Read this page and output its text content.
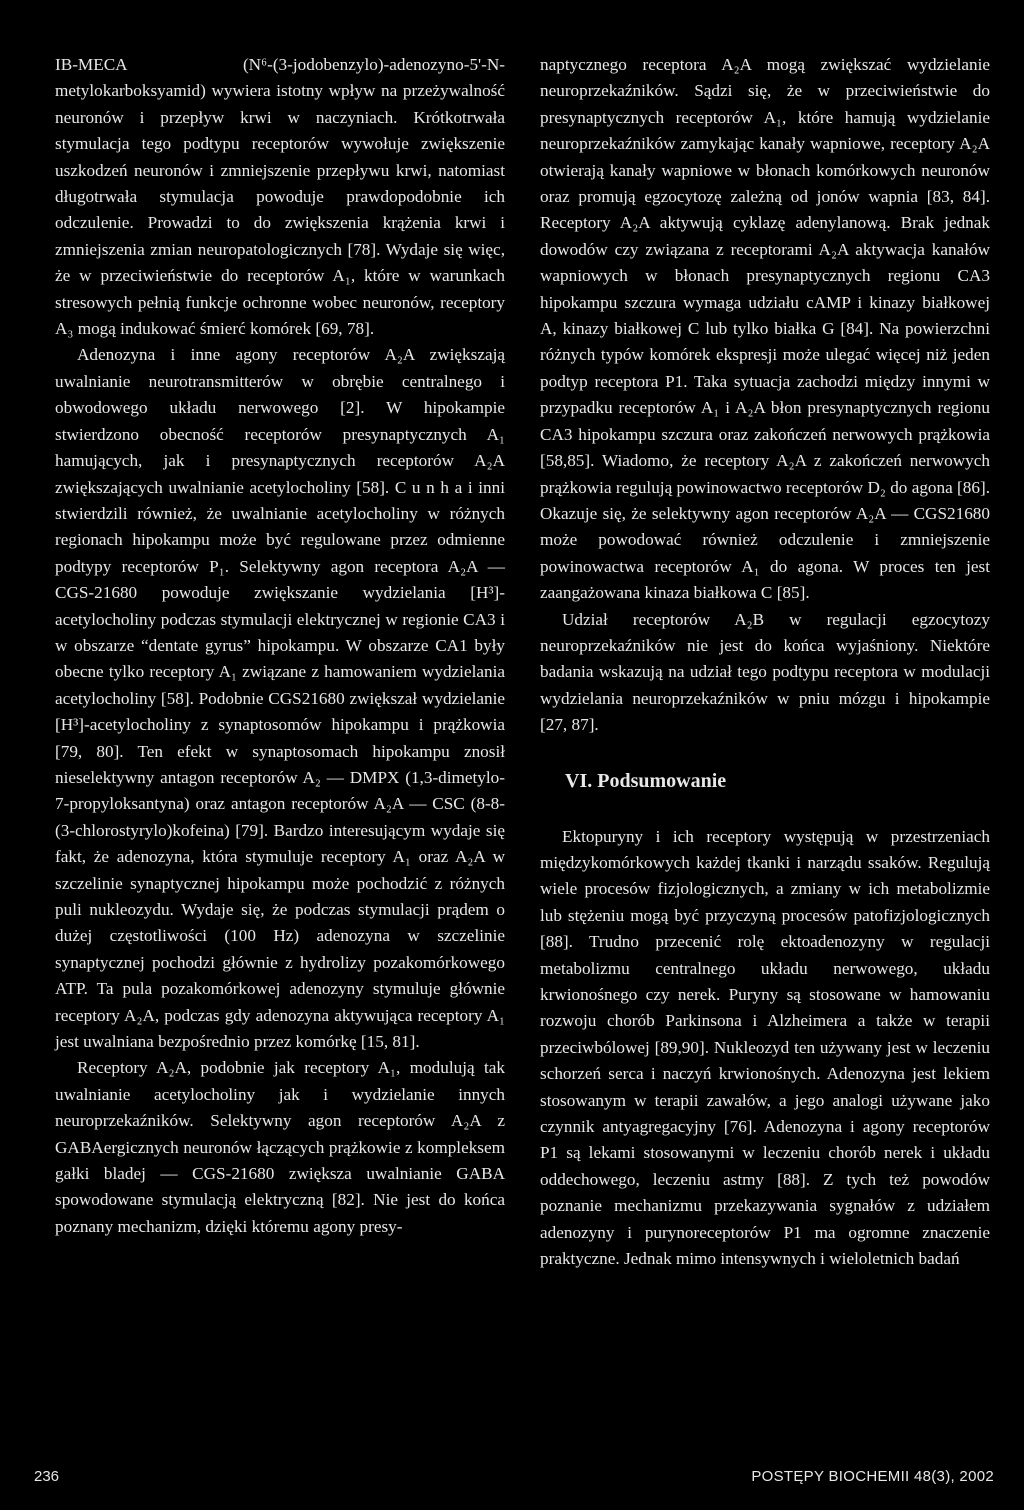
IB-MECA (N⁶-(3-jodobenzylo)-adenozyno-5'-N-metylokarboksyamid) wywiera istotny wpływ na przeżywalność neuronów i przepływ krwi w naczyniach. Krótkotrwała stymulacja tego podtypu receptorów wywołuje zwiększenie uszkodzeń neuronów i zmniejszenie przepływu krwi, natomiast długotrwała stymulacja powoduje prawdopodobnie ich odczulenie. Prowadzi to do zwiększenia krążenia krwi i zmniejszenia zmian neuropatologicznych [78]. Wydaje się więc, że w przeciwieństwie do receptorów A₁, które w warunkach stresowych pełnią funkcje ochronne wobec neuronów, receptory A₃ mogą indukować śmierć komórek [69, 78].

Adenozyna i inne agony receptorów A₂A zwiększają uwalnianie neurotransmitterów w obrębie centralnego i obwodowego układu nerwowego [2]. W hipokampie stwierdzono obecność receptorów presynaptycznych A₁ hamujących, jak i presynaptycznych receptorów A₂A zwiększających uwalnianie acetylocholiny [58]. C u n h a i inni stwierdzili również, że uwalnianie acetylocholiny w różnych regionach hipokampu może być regulowane przez odmienne podtypy receptorów P₁. Selektywny agon receptora A₂A — CGS-21680 powoduje zwiększanie wydzielania [H³]-acetylocholiny podczas stymulacji elektrycznej w regionie CA3 i w obszarze “dentate gyrus” hipokampu. W obszarze CA1 były obecne tylko receptory A₁ związane z hamowaniem wydzielania acetylocholiny [58]. Podobnie CGS21680 zwiększał wydzielanie [H³]-acetylocholiny z synaptosomów hipokampu i prążkowia [79, 80]. Ten efekt w synaptosomach hipokampu znosił nieselektywny antagon receptorów A₂ — DMPX (1,3-dimetylo-7-propyloksantyna) oraz antagon receptorów A₂A — CSC (8-8-(3-chlorostyrylo)kofeina) [79]. Bardzo interesującym wydaje się fakt, że adenozyna, która stymuluje receptory A₁ oraz A₂A w szczelinie synaptycznej hipokampu może pochodzić z różnych puli nukleozydu. Wydaje się, że podczas stymulacji prądem o dużej częstotliwości (100 Hz) adenozyna w szczelinie synaptycznej pochodzi głównie z hydrolizy pozakomórkowego ATP. Ta pula pozakomórkowej adenozyny stymuluje głównie receptory A₂A, podczas gdy adenozyna aktywująca receptory A₁ jest uwalniana bezpośrednio przez komórkę [15, 81].

Receptory A₂A, podobnie jak receptory A₁, modulują tak uwalnianie acetylocholiny jak i wydzielanie innych neuroprzekaźników. Selektywny agon receptorów A₂A z GABAergicznych neuronów łączących prążkowie z kompleksem gałki bladej — CGS-21680 zwiększa uwalnianie GABA spowodowane stymulacją elektryczną [82]. Nie jest do końca poznany mechanizm, dzięki któremu agony presy-

naptycznego receptora A₂A mogą zwiększać wydzielanie neuroprzekaźników. Sądzi się, że w przeciwieństwie do presynaptycznych receptorów A₁, które hamują wydzielanie neuroprzekaźników zamykając kanały wapniowe, receptory A₂A otwierają kanały wapniowe w błonach komórkowych neuronów oraz promują egzocytozę zależną od jonów wapnia [83, 84]. Receptory A₂A aktywują cyklazę adenylanową. Brak jednak dowodów czy związana z receptorami A₂A aktywacja kanałów wapniowych w błonach presynaptycznych regionu CA3 hipokampu szczura wymaga udziału cAMP i kinazy białkowej A, kinazy białkowej C lub tylko białka G [84]. Na powierzchni różnych typów komórek ekspresji może ulegać więcej niż jeden podtyp receptora P1. Taka sytuacja zachodzi między innymi w przypadku receptorów A₁ i A₂A błon presynaptycznych regionu CA3 hipokampu szczura oraz zakończeń nerwowych prążkowia [58,85]. Wiadomo, że receptory A₂A z zakończeń nerwowych prążkowia regulują powinowactwo receptorów D₂ do agona [86]. Okazuje się, że selektywny agon receptorów A₂A — CGS21680 może powodować również odczulenie i zmniejszenie powinowactwa receptorów A₁ do agona. W proces ten jest zaangażowana kinaza białkowa C [85].

Udział receptorów A₂B w regulacji egzocytozy neuroprzekaźników nie jest do końca wyjaśniony. Niektóre badania wskazują na udział tego podtypu receptora w modulacji wydzielania neuroprzekaźników w pniu mózgu i hipokampie [27, 87].

VI. Podsumowanie

Ektopuryny i ich receptory występują w przestrzeniach międzykomórkowych każdej tkanki i narządu ssaków. Regulują wiele procesów fizjologicznych, a zmiany w ich metabolizmie lub stężeniu mogą być przyczyną procesów patofizjologicznych [88]. Trudno przecenić rolę ektoadenozyny w regulacji metabolizmu centralnego układu nerwowego, układu krwionośnego czy nerek. Puryny są stosowane w hamowaniu rozwoju chorób Parkinsona i Alzheimera a także w terapii przeciwbólowej [89,90]. Nukleozyd ten używany jest w leczeniu schorzeń serca i naczyń krwionośnych. Adenozyna jest lekiem stosowanym w terapii zawałów, a jego analogi używane jako czynnik antyagregacyjny [76]. Adenozyna i agony receptorów P1 są lekami stosowanymi w leczeniu chorób nerek i układu oddechowego, leczeniu astmy [88]. Z tych też powodów poznanie mechanizmu przekazywania sygnałów z udziałem adenozyny i purynoreceptorów P1 ma ogromne znaczenie praktyczne. Jednak mimo intensywnych i wieloletnich badań

236	POSTĘPY BIOCHEMII 48(3), 2002
